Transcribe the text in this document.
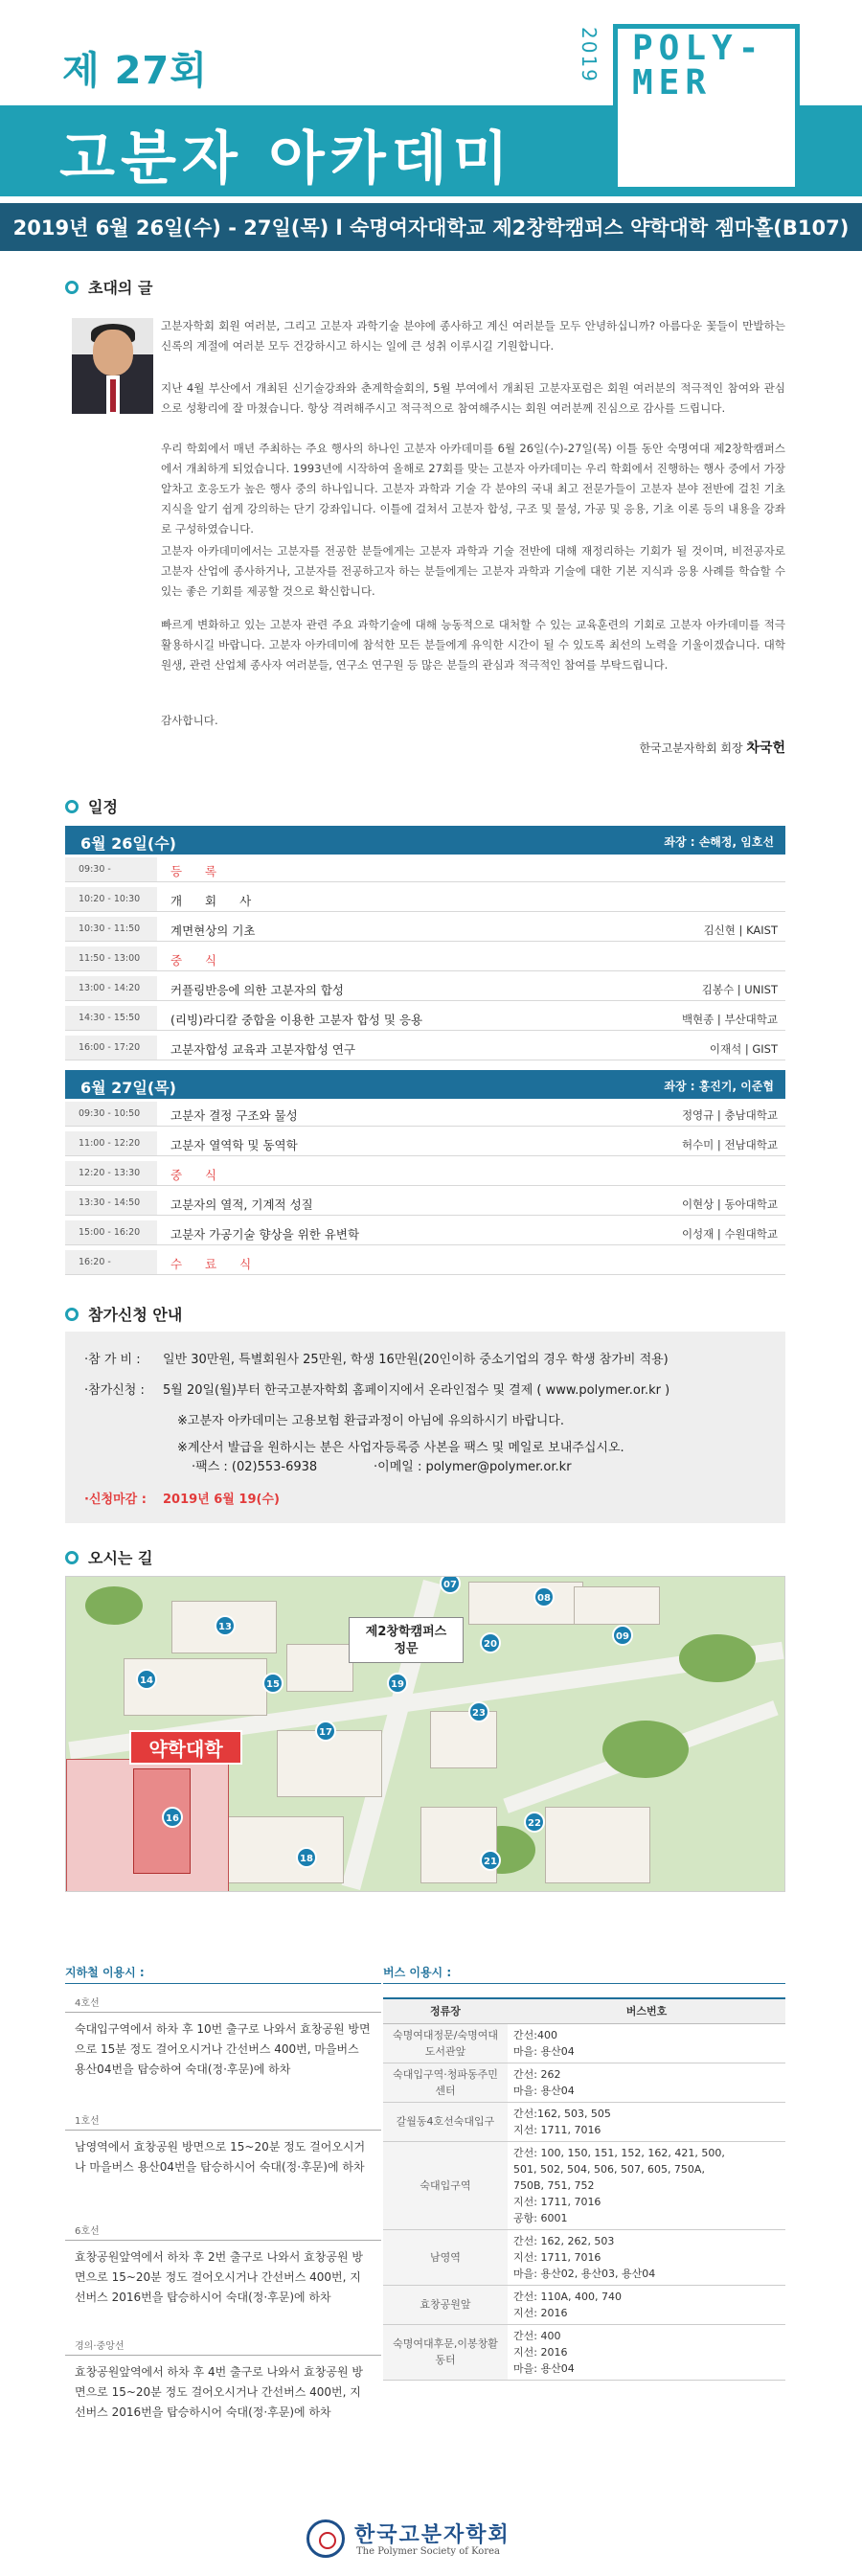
제 27회
고분자 아카데미
2019 POLY-
MER
ACA-
DEMY
2019년 6월 26일(수) - 27일(목) l 숙명여자대학교 제2창학캠퍼스 약학대학 젬마홀(B107)
초대의 글

고분자학회 회원 여러분, 그리고 고분자 과학기술 분야에 종사하고 계신 여러분들 모두 안녕하십니까? 아름다운 꽃들이 만발하는 신록의 계절에 여러분 모두 건강하시고 하시는 일에 큰 성취 이루시길 기원합니다.

지난 4월 부산에서 개최된 신기술강좌와 춘계학술회의, 5월 부여에서 개최된 고분자포럼은 회원 여러분의 적극적인 참여와 관심으로 성황리에 잘 마쳤습니다. 항상 격려해주시고 적극적으로 참여해주시는 회원 여러분께 진심으로 감사를 드립니다.

우리 학회에서 매년 주최하는 주요 행사의 하나인 고분자 아카데미를 6월 26일(수)-27일(목) 이틀 동안 숙명여대 제2창학캠퍼스에서 개최하게 되었습니다. 1993년에 시작하여 올해로 27회를 맞는 고분자 아카데미는 우리 학회에서 진행하는 행사 중에서 가장 알차고 호응도가 높은 행사 중의 하나입니다. 고분자 과학과 기술 각 분야의 국내 최고 전문가들이 고분자 분야 전반에 걸친 기초 지식을 알기 쉽게 강의하는 단기 강좌입니다. 이틀에 걸쳐서 고분자 합성, 구조 및 물성, 가공 및 응용, 기초 이론 등의 내용을 강좌로 구성하였습니다.

고분자 아카데미에서는 고분자를 전공한 분들에게는 고분자 과학과 기술 전반에 대해 재정리하는 기회가 될 것이며, 비전공자로 고분자 산업에 종사하거나, 고분자를 전공하고자 하는 분들에게는 고분자 과학과 기술에 대한 기본 지식과 응용 사례를 학습할 수 있는 좋은 기회를 제공할 것으로 확신합니다.

빠르게 변화하고 있는 고분자 관련 주요 과학기술에 대해 능동적으로 대처할 수 있는 교육훈련의 기회로 고분자 아카데미를 적극 활용하시길 바랍니다. 고분자 아카데미에 참석한 모든 분들에게 유익한 시간이 될 수 있도록 최선의 노력을 기울이겠습니다. 대학원생, 관련 산업체 종사자 여러분들, 연구소 연구원 등 많은 분들의 관심과 적극적인 참여를 부탁드립니다.

감사합니다.

한국고분자학회 회장 차국헌
일정
6월 26일(수)	좌장 : 손해정, 임호선
09:30 -	등 록
10:20 - 10:30	개 회 사
10:30 - 11:50	계면현상의 기초	김신현 | KAIST
11:50 - 13:00	중 식
13:00 - 14:20	커플링반응에 의한 고분자의 합성	김봉수 | UNIST
14:30 - 15:50	(리빙)라디칼 중합을 이용한 고분자 합성 및 응용	백현종 | 부산대학교
16:00 - 17:20	고분자합성 교육과 고분자합성 연구	이재석 | GIST
6월 27일(목)	좌장 : 홍진기, 이준협
09:30 - 10:50	고분자 결정 구조와 물성	정영규 | 충남대학교
11:00 - 12:20	고분자 열역학 및 동역학	허수미 | 전남대학교
12:20 - 13:30	중 식
13:30 - 14:50	고분자의 열적, 기계적 성질	이현상 | 동아대학교
15:00 - 16:20	고분자 가공기술 향상을 위한 유변학	이성재 | 수원대학교
16:20 -	수 료 식
참가신청 안내
·참 가 비 : 일반 30만원, 특별회원사 25만원, 학생 16만원(20인이하 중소기업의 경우 학생 참가비 적용)
·참가신청 : 5월 20일(월)부터 한국고분자학회 홈페이지에서 온라인접수 및 결제 ( www.polymer.or.kr )
※고분자 아카데미는 고용보험 환급과정이 아님에 유의하시기 바랍니다.
※계산서 발급을 원하시는 분은 사업자등록증 사본을 팩스 및 메일로 보내주십시오.
·팩스 : (02)553-6938	·이메일 : polymer@polymer.or.kr
·신청마감 : 2019년 6월 19(수)
오시는 길
07
08
09
13
14	15
16
17
18
19
20
21
22
23
제2창학캠퍼스
정문
약학대학
지하철 이용시 :	버스 이용시 :
4호선
숙대입구역에서 하차 후 10번 출구로 나와서 효창공원 방면으로 15분 정도 걸어오시거나 간선버스 400번, 마을버스 용산04번을 탑승하여 숙대(정·후문)에 하차
1호선
남영역에서 효창공원 방면으로 15~20분 정도 걸어오시거나 마을버스 용산04번을 탑승하시어 숙대(정·후문)에 하차
6호선
효창공원앞역에서 하차 후 2번 출구로 나와서 효창공원 방면으로 15~20분 정도 걸어오시거나 간선버스 400번, 지선버스 2016번을 탑승하시어 숙대(정·후문)에 하차
경의·중앙선
효창공원앞역에서 하차 후 4번 출구로 나와서 효창공원 방면으로 15~20분 정도 걸어오시거나 간선버스 400번, 지선버스 2016번을 탑승하시어 숙대(정·후문)에 하차
정류장	버스번호
숙명여대정문/숙명여대도서관앞	간선:400
마을: 용산04

숙대입구역·청파동주민센터	간선: 262
마을: 용산04

갈월동4호선숙대입구	간선:162, 503, 505
지선: 1711, 7016

숙대입구역	간선: 100, 150, 151, 152, 162, 421, 500,
501, 502, 504, 506, 507, 605, 750A,
750B, 751, 752
지선: 1711, 7016
공항: 6001

남영역	간선: 162, 262, 503
지선: 1711, 7016
마을: 용산02, 용산03, 용산04

효창공원앞	간선: 110A, 400, 740
지선: 2016

숙명여대후문,이봉창활동터	간선: 400
지선: 2016
마을: 용산04
한국고분자학회
The Polymer Society of Korea
